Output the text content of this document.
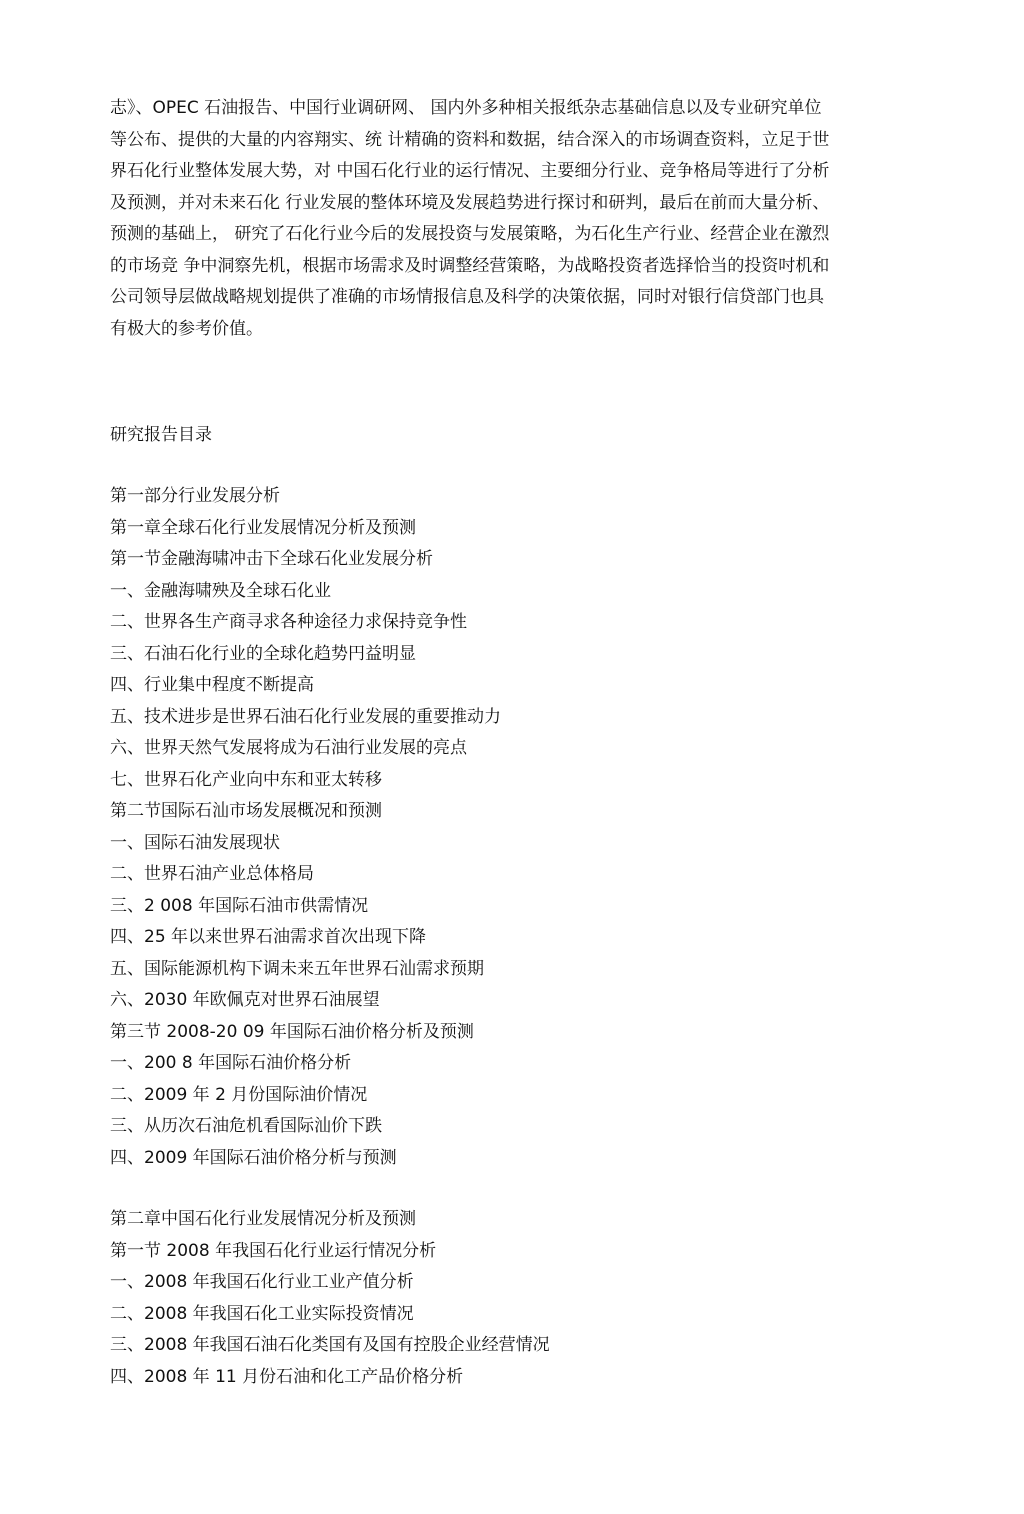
志》、OPEC 石油报告、中国行业调研网、 国内外多种相关报纸杂志基础信息以及专业研究单位
等公布、提供的大量的内容翔实、统 计精确的资料和数据，结合深入的市场调查资料，立足于世
界石化行业整体发展大势，对 中国石化行业的运行情况、主要细分行业、竞争格局等进行了分析
及预测，并对未来石化 行业发展的整体环境及发展趋势进行探讨和研判，最后在前而大量分析、
预测的基础上， 研究了石化行业今后的发展投资与发展策略，为石化生产行业、经营企业在激烈
的市场竞 争中洞察先机，根据市场需求及时调整经营策略，为战略投资者选择恰当的投资吋机和
公司领导层做战略规划提供了准确的市场情报信息及科学的决策依据，同时对银行信贷部门也具
有极大的参考价值。
研究报告目录
第一部分行业发展分析
第一章全球石化行业发展情况分析及预测
第一节金融海啸冲击下全球石化业发展分析
一、金融海啸殃及全球石化业
二、世界各生产商寻求各种途径力求保持竞争性
三、石油石化行业的全球化趋势円益明显
四、行业集中程度不断提高
五、技术进步是世界石油石化行业发展的重要推动力
六、世界天然气发展将成为石油行业发展的亮点
七、世界石化产业向中东和亚太转移
第二节国际石汕市场发展概况和预测
一、国际石油发展现状
二、世界石油产业总体格局
三、2 008 年国际石油市供需情况
四、25 年以来世界石油需求首次出现下降
五、国际能源机构下调未来五年世界石汕需求预期
六、2030 年欧佩克对世界石油展望
第三节 2008-20 09 年国际石油价格分析及预测
一、200 8 年国际石油价格分析
二、2009 年 2 月份国际油价情况
三、从历次石油危机看国际汕价下跌
四、2009 年国际石油价格分析与预测
第二章中国石化行业发展情况分析及预测
第一节 2008 年我国石化行业运行情况分析
一、2008 年我国石化行业工业产值分析
二、2008 年我国石化工业实际投资情况
三、2008 年我国石油石化类国有及国有控股企业经营情况
四、2008 年 11 月份石油和化工产品价格分析
